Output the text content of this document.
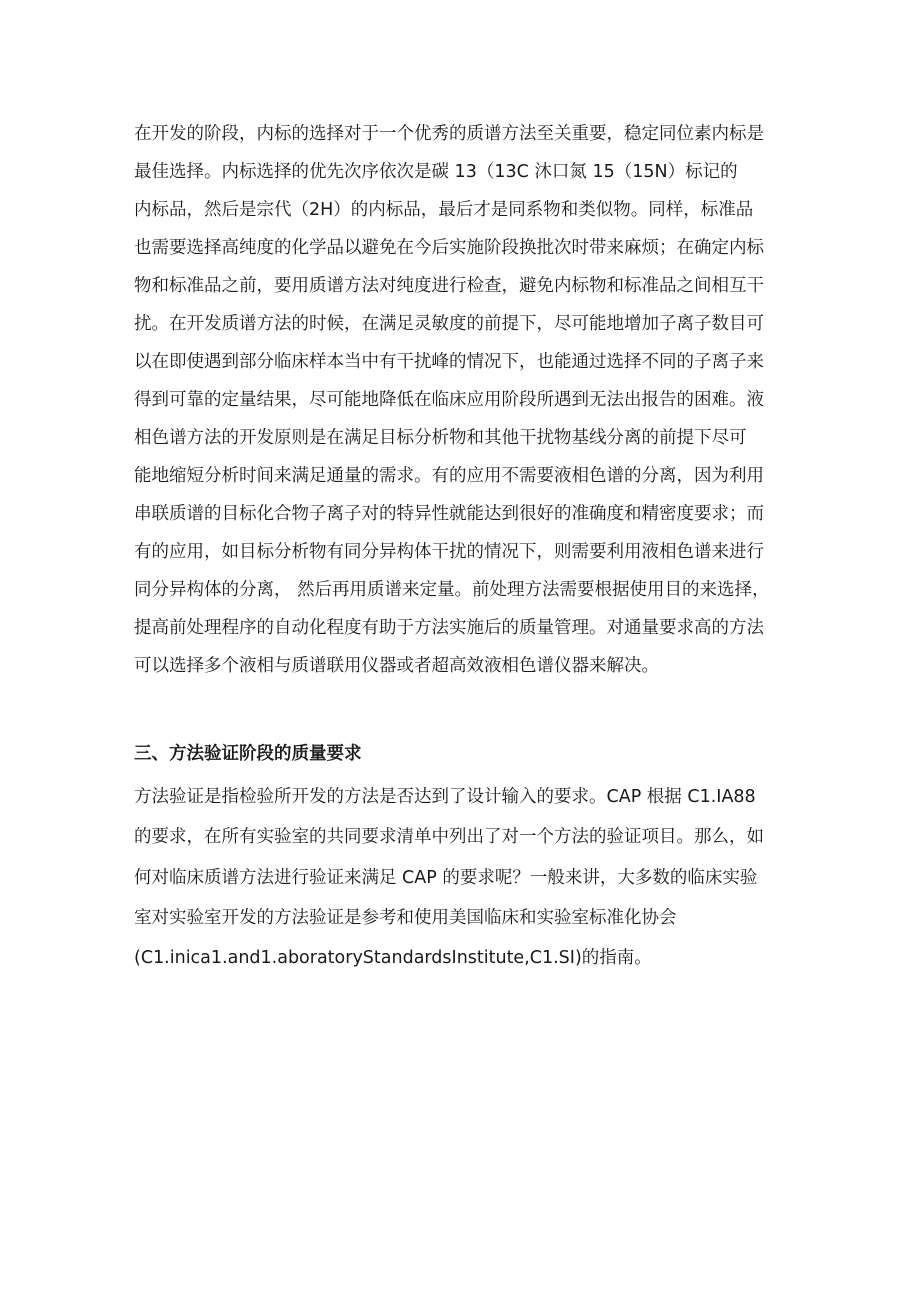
在开发的阶段，内标的选择对于一个优秀的质谱方法至关重要，稳定同位素内标是

最佳选择。内标选择的优先次序依次是碳 13（13C 沐口氮 15（15N）标记的

内标品，然后是宗代（2H）的内标品，最后才是同系物和类似物。同样，标准品

也需要选择高纯度的化学品以避免在今后实施阶段换批次时带来麻烦；在确定内标

物和标准品之前，要用质谱方法对纯度进行检查，避免内标物和标准品之间相互干

扰。在开发质谱方法的时候，在满足灵敏度的前提下，尽可能地增加子离子数目可

以在即使遇到部分临床样本当中有干扰峰的情况下，也能通过选择不同的子离子来

得到可靠的定量结果，尽可能地降低在临床应用阶段所遇到无法出报告的困难。液

相色谱方法的开发原则是在满足目标分析物和其他干扰物基线分离的前提下尽可

能地缩短分析时间来满足通量的需求。有的应用不需要液相色谱的分离，因为利用

串联质谱的目标化合物子离子对的特异性就能达到很好的准确度和精密度要求；而

有的应用，如目标分析物有同分异构体干扰的情况下，则需要利用液相色谱来进行

同分异构体的分离， 然后再用质谱来定量。前处理方法需要根据使用目的来选择，

提高前处理程序的自动化程度有助于方法实施后的质量管理。对通量要求高的方法

可以选择多个液相与质谱联用仪器或者超高效液相色谱仪器来解决。

三、方法验证阶段的质量要求

方法验证是指检验所开发的方法是否达到了设计输入的要求。CAP 根据 C1.IA88

的要求，在所有实验室的共同要求清单中列出了对一个方法的验证项目。那么，如

何对临床质谱方法进行验证来满足 CAP 的要求呢？一般来讲，大多数的临床实验

室对实验室开发的方法验证是参考和使用美国临床和实验室标准化协会

(C1.inica1.and1.aboratoryStandardsInstitute,C1.SI)的指南。
